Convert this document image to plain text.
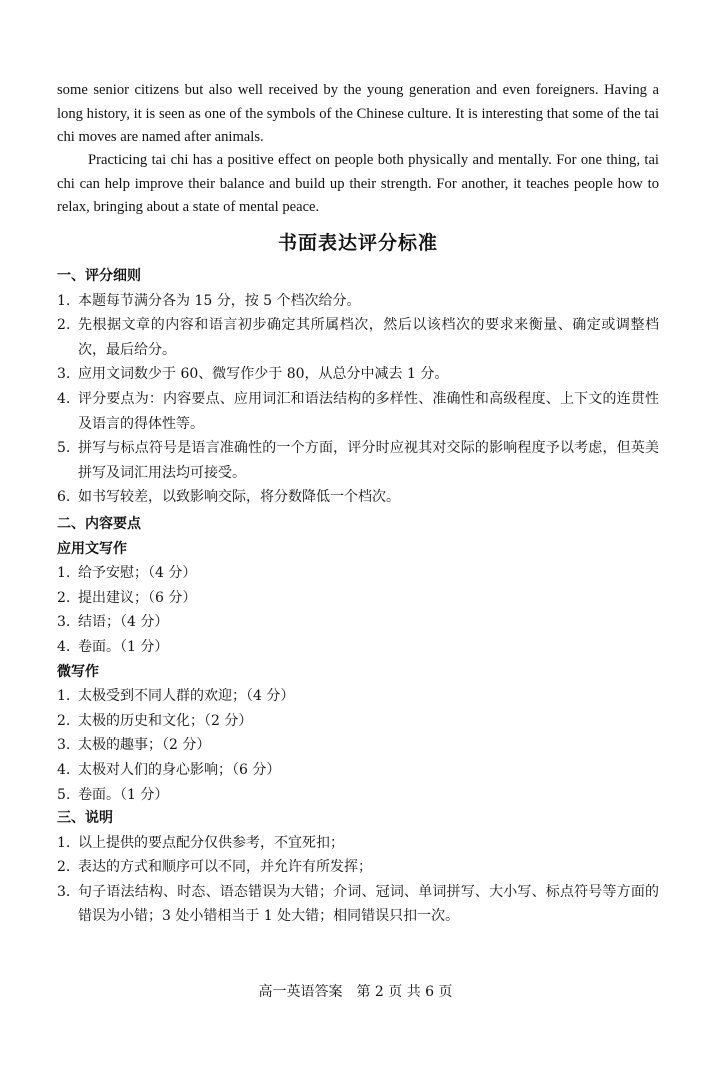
some senior citizens but also well received by the young generation and even foreigners. Having a long history, it is seen as one of the symbols of the Chinese culture. It is interesting that some of the tai chi moves are named after animals.

Practicing tai chi has a positive effect on people both physically and mentally. For one thing, tai chi can help improve their balance and build up their strength. For another, it teaches people how to relax, bringing about a state of mental peace.

书面表达评分标准
一、评分细则
1. 本题每节满分各为 15 分，按 5 个档次给分。
2. 先根据文章的内容和语言初步确定其所属档次，然后以该档次的要求来衡量、确定或调整档次，最后给分。
3. 应用文词数少于 60、微写作少于 80，从总分中减去 1 分。
4. 评分要点为：内容要点、应用词汇和语法结构的多样性、准确性和高级程度、上下文的连贯性及语言的得体性等。
5. 拼写与标点符号是语言准确性的一个方面，评分时应视其对交际的影响程度予以考虑，但英美拼写及词汇用法均可接受。
6. 如书写较差，以致影响交际，将分数降低一个档次。
二、内容要点
应用文写作
1. 给予安慰；（4 分）
2. 提出建议；（6 分）
3. 结语；（4 分）
4. 卷面。（1 分）
微写作
1. 太极受到不同人群的欢迎；（4 分）
2. 太极的历史和文化；（2 分）
3. 太极的趣事；（2 分）
4. 太极对人们的身心影响；（6 分）
5. 卷面。（1 分）
三、说明
1. 以上提供的要点配分仅供参考，不宜死扣；
2. 表达的方式和顺序可以不同，并允许有所发挥；
3. 句子语法结构、时态、语态错误为大错；介词、冠词、单词拼写、大小写、标点符号等方面的错误为小错；3 处小错相当于 1 处大错；相同错误只扣一次。
高一英语答案　第 2 页 共 6 页
